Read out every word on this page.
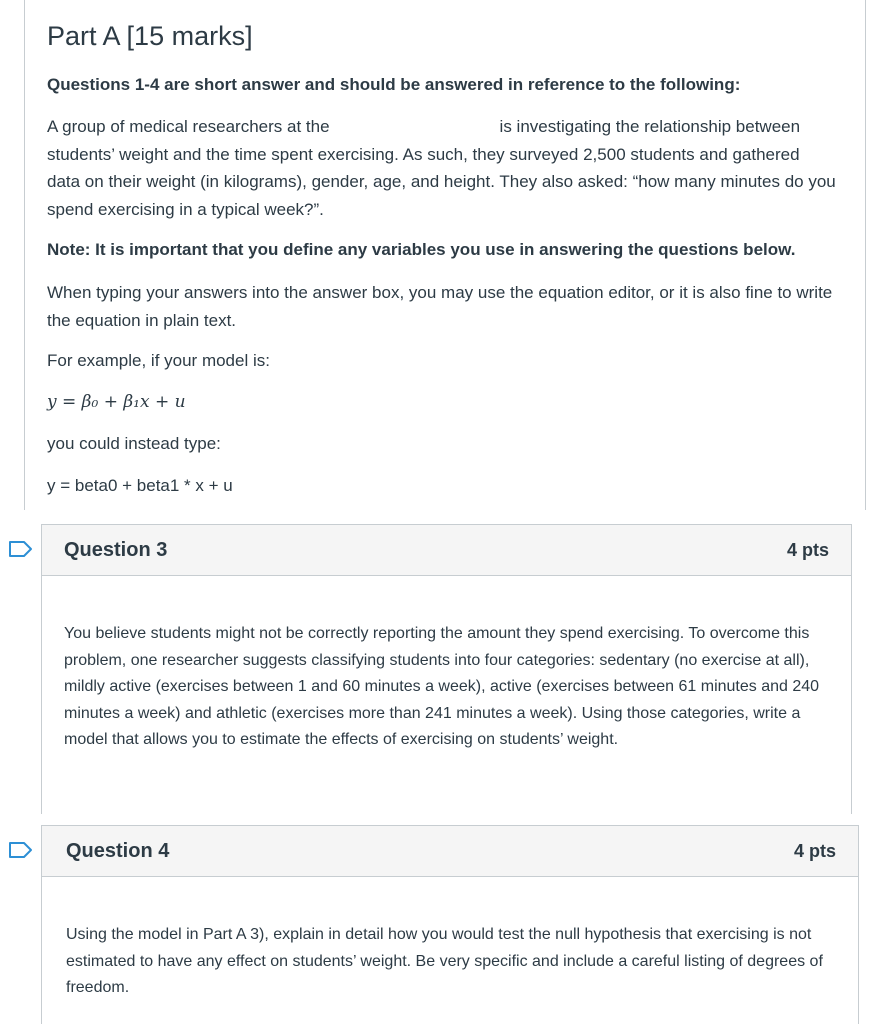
Part A [15 marks]
Questions 1-4 are short answer and should be answered in reference to the following:
A group of medical researchers at the	is investigating the relationship between students’ weight and the time spent exercising. As such, they surveyed 2,500 students and gathered data on their weight (in kilograms), gender, age, and height. They also asked: “how many minutes do you spend exercising in a typical week?”.
Note: It is important that you define any variables you use in answering the questions below.
When typing your answers into the answer box, you may use the equation editor, or it is also fine to write the equation in plain text.
For example, if your model is:
y = β₀ + β₁x + u
you could instead type:
y = beta0 + beta1 * x + u
Question 3	4 pts
You believe students might not be correctly reporting the amount they spend exercising. To overcome this problem, one researcher suggests classifying students into four categories: sedentary (no exercise at all), mildly active (exercises between 1 and 60 minutes a week), active (exercises between 61 minutes and 240 minutes a week) and athletic (exercises more than 241 minutes a week). Using those categories, write a model that allows you to estimate the effects of exercising on students’ weight.
Question 4	4 pts
Using the model in Part A 3), explain in detail how you would test the null hypothesis that exercising is not estimated to have any effect on students’ weight. Be very specific and include a careful listing of degrees of freedom.
